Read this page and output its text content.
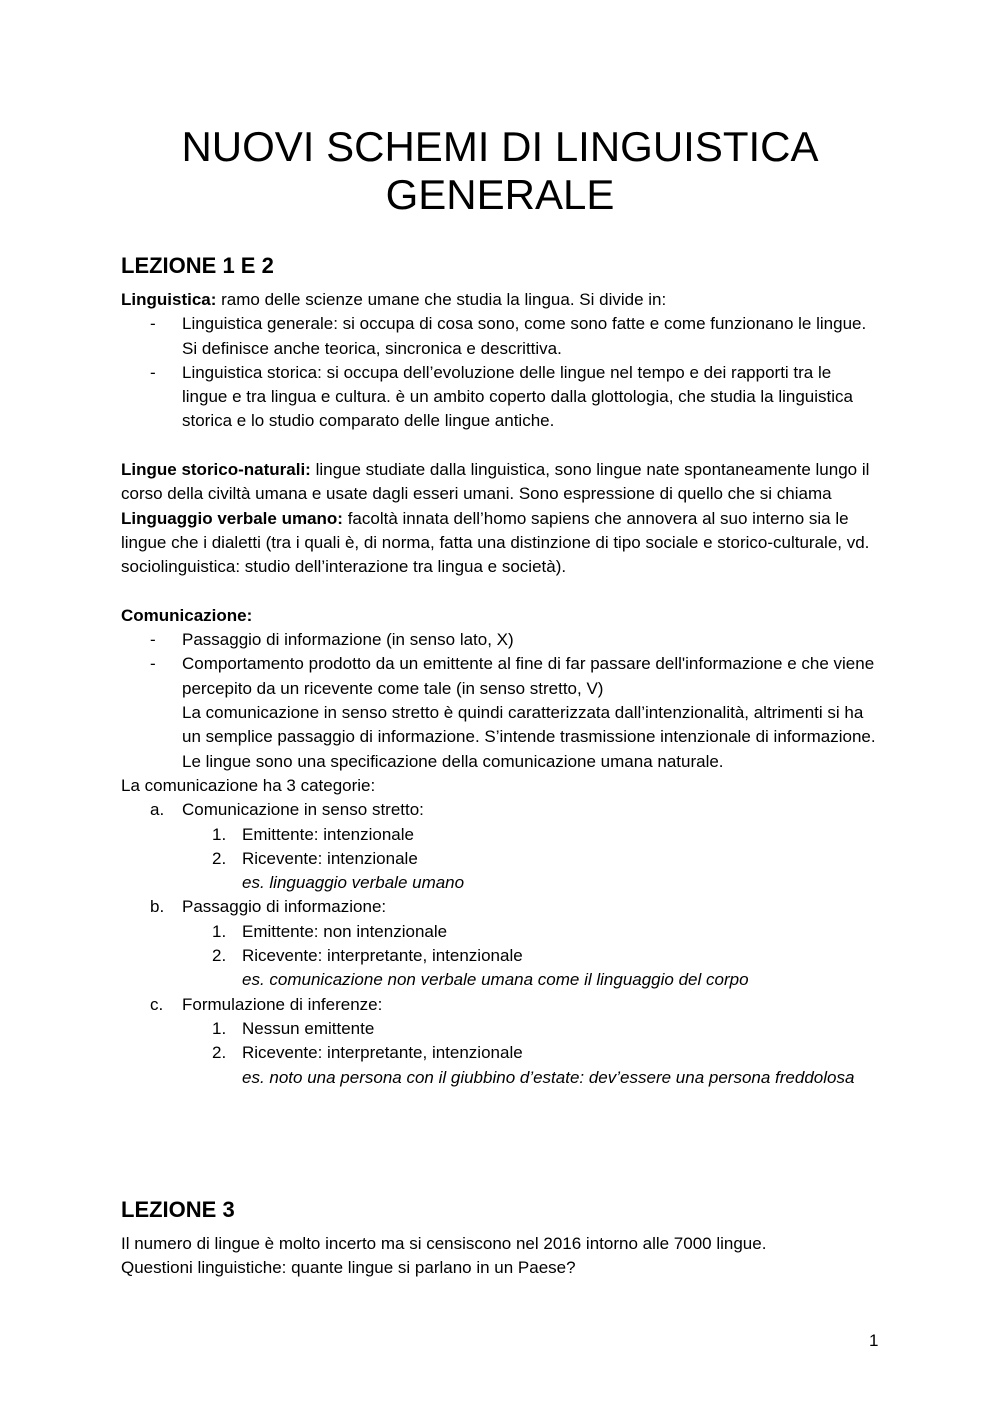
NUOVI SCHEMI DI LINGUISTICA
GENERALE
LEZIONE 1 E 2

Linguistica: ramo delle scienze umane che studia la lingua. Si divide in:

- Linguistica generale: si occupa di cosa sono, come sono fatte e come funzionano le lingue. Si definisce anche teorica, sincronica e descrittiva.

- Linguistica storica: si occupa dell’evoluzione delle lingue nel tempo e dei rapporti tra le lingue e tra lingua e cultura. è un ambito coperto dalla glottologia, che studia la linguistica storica e lo studio comparato delle lingue antiche.

Lingue storico-naturali: lingue studiate dalla linguistica, sono lingue nate spontaneamente lungo il corso della civiltà umana e usate dagli esseri umani. Sono espressione di quello che si chiama

Linguaggio verbale umano: facoltà innata dell’homo sapiens che annovera al suo interno sia le lingue che i dialetti (tra i quali è, di norma, fatta una distinzione di tipo sociale e storico-culturale, vd. sociolinguistica: studio dell’interazione tra lingua e società).

Comunicazione:

- Passaggio di informazione (in senso lato, X)

- Comportamento prodotto da un emittente al fine di far passare dell'informazione e che viene percepito da un ricevente come tale (in senso stretto, V)
La comunicazione in senso stretto è quindi caratterizzata dall’intenzionalità, altrimenti si ha un semplice passaggio di informazione. S’intende trasmissione intenzionale di informazione. Le lingue sono una specificazione della comunicazione umana naturale.

La comunicazione ha 3 categorie:

a. Comunicazione in senso stretto:

1. Emittente: intenzionale

2. Ricevente: intenzionale

es. linguaggio verbale umano

b. Passaggio di informazione:

1. Emittente: non intenzionale

2. Ricevente: interpretante, intenzionale

es. comunicazione non verbale umana come il linguaggio del corpo

c. Formulazione di inferenze:

1. Nessun emittente

2. Ricevente: interpretante, intenzionale

es. noto una persona con il giubbino d’estate: dev’essere una persona freddolosa

LEZIONE 3

Il numero di lingue è molto incerto ma si censiscono nel 2016 intorno alle 7000 lingue.

Questioni linguistiche: quante lingue si parlano in un Paese?

1
